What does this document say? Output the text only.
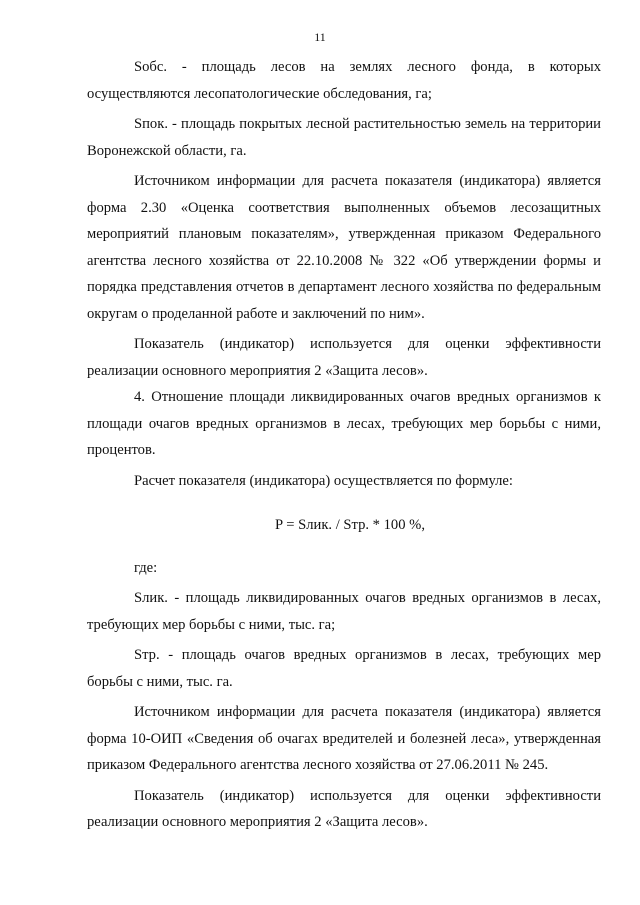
11

Sобс. - площадь лесов на землях лесного фонда, в которых осуществляются лесопатологические обследования, га;

Sпок. - площадь покрытых лесной растительностью земель на территории Воронежской области, га.

Источником информации для расчета показателя (индикатора) является форма 2.30 «Оценка соответствия выполненных объемов лесозащитных мероприятий плановым показателям», утвержденная приказом Федерального агентства лесного хозяйства от 22.10.2008 № 322 «Об утверждении формы и порядка представления отчетов в департамент лесного хозяйства по федеральным округам о проделанной работе и заключений по ним».

Показатель (индикатор) используется для оценки эффективности реализации основного мероприятия 2 «Защита лесов».

4. Отношение площади ликвидированных очагов вредных организмов к площади очагов вредных организмов в лесах, требующих мер борьбы с ними, процентов.

Расчет показателя (индикатора) осуществляется по формуле:

P = Sлик. / Sтр. * 100 %,

где:

Sлик. - площадь ликвидированных очагов вредных организмов в лесах, требующих мер борьбы с ними, тыс. га;

Sтр. - площадь очагов вредных организмов в лесах, требующих мер борьбы с ними, тыс. га.

Источником информации для расчета показателя (индикатора) является форма 10-ОИП «Сведения об очагах вредителей и болезней леса», утвержденная приказом Федерального агентства лесного хозяйства от 27.06.2011 № 245.

Показатель (индикатор) используется для оценки эффективности реализации основного мероприятия 2 «Защита лесов».
